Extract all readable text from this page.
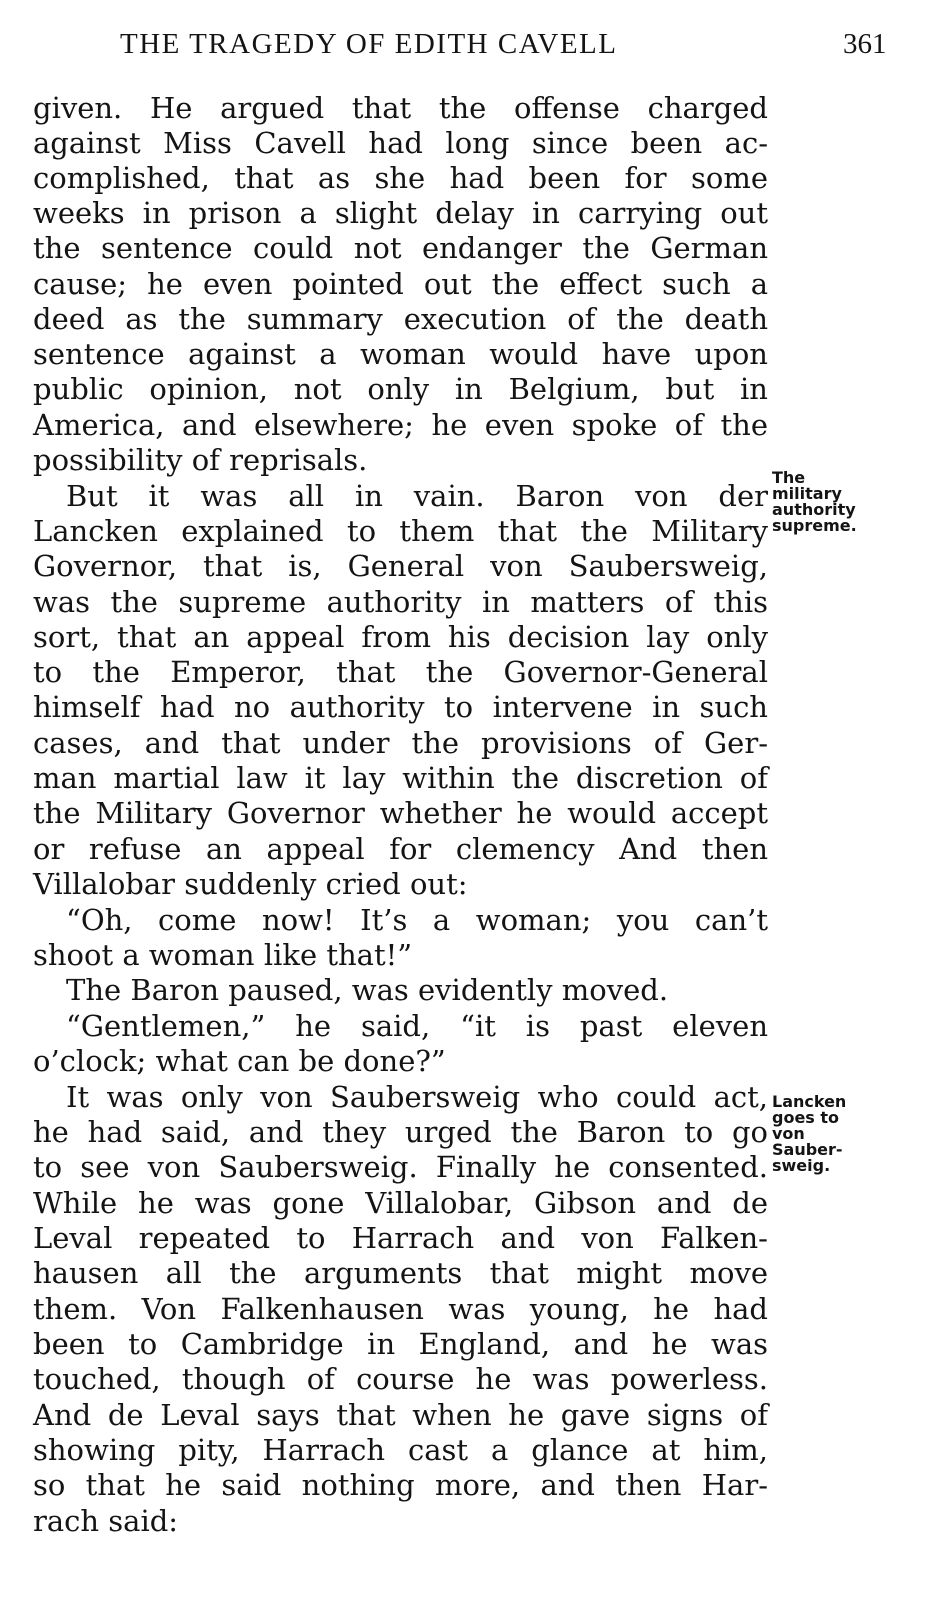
THE TRAGEDY OF EDITH CAVELL	361
given. He argued that the offense charged
against Miss Cavell had long since been ac-
complished, that as she had been for some
weeks in prison a slight delay in carrying out
the sentence could not endanger the German
cause; he even pointed out the effect such a
deed as the summary execution of the death
sentence against a woman would have upon
public opinion, not only in Belgium, but in
America, and elsewhere; he even spoke of the
possibility of reprisals.
But it was all in vain. Baron von der
Lancken explained to them that the Military
Governor, that is, General von Saubersweig,
was the supreme authority in matters of this
sort, that an appeal from his decision lay only
to the Emperor, that the Governor-General
himself had no authority to intervene in such
cases, and that under the provisions of Ger-
man martial law it lay within the discretion of
the Military Governor whether he would accept
or refuse an appeal for clemency And then
Villalobar suddenly cried out:
“Oh, come now! It’s a woman; you can’t
shoot a woman like that!”
The Baron paused, was evidently moved.
“Gentlemen,” he said, “it is past eleven
o’clock; what can be done?”
It was only von Saubersweig who could act,
he had said, and they urged the Baron to go
to see von Saubersweig. Finally he consented.
While he was gone Villalobar, Gibson and de
Leval repeated to Harrach and von Falken-
hausen all the arguments that might move
them. Von Falkenhausen was young, he had
been to Cambridge in England, and he was
touched, though of course he was powerless.
And de Leval says that when he gave signs of
showing pity, Harrach cast a glance at him,
so that he said nothing more, and then Har-
rach said:
The
military
authority
supreme.
Lancken
goes to
von
Sauber-
sweig.
